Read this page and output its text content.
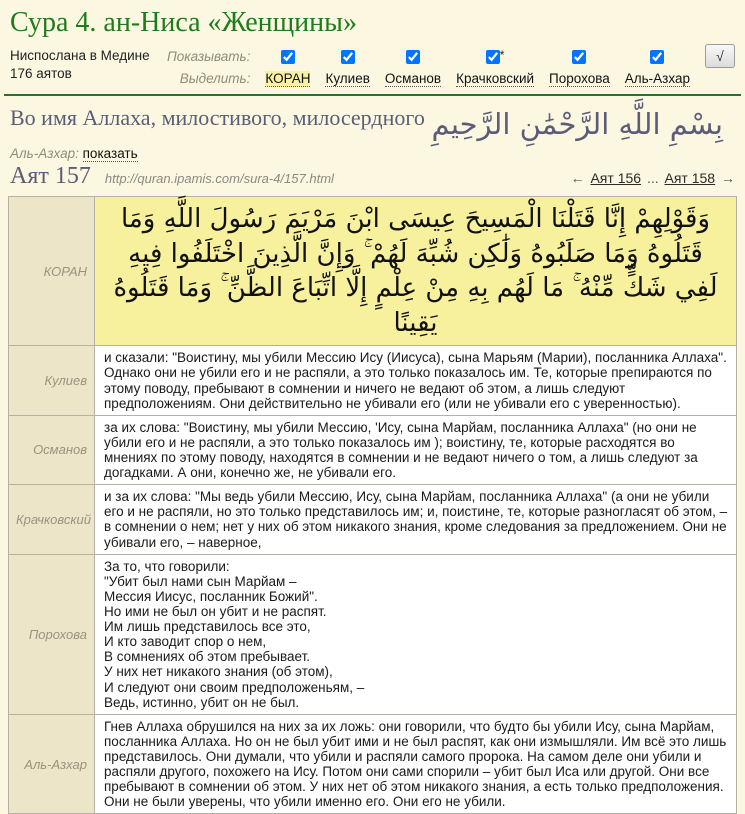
Сура 4. ан-Ниса «Женщины»
Ниспослана в Медине
176 аятов
Показывать:	*	√
Выделить: КОРАН Кулиев Османов Крачковский Порохова Аль-Азхар
Во имя Аллаха, милостивого, милосердного
Аль-Азхар: показать
بِسْمِ اللَّهِ الرَّحْمَٰنِ الرَّحِيمِ
Аят 157 http://quran.ipamis.com/sura-4/157.html	← Аят 156 ... Аят 158 →
КОРАН	وَقَوْلِهِمْ إِنَّا قَتَلْنَا الْمَسِيحَ عِيسَى ابْنَ مَرْيَمَ رَسُولَ اللَّهِ وَمَا قَتَلُوهُ وَمَا صَلَبُوهُ وَلَٰكِن شُبِّهَ لَهُمْ ۚ وَإِنَّ الَّذِينَ اخْتَلَفُوا فِيهِ لَفِي شَكٍّ مِّنْهُ ۚ مَا لَهُم بِهِ مِنْ عِلْمٍ إِلَّا اتِّبَاعَ الظَّنِّ ۚ وَمَا قَتَلُوهُ يَقِينًا
Кулиев	и сказали: "Воистину, мы убили Мессию Ису (Иисуса), сына Марьям (Марии), посланника Аллаха". Однако они не убили его и не распяли, а это только показалось им. Те, которые препираются по этому поводу, пребывают в сомнении и ничего не ведают об этом, а лишь следуют предположениям. Они действительно не убивали его (или не убивали его с уверенностью).
Османов	за их слова: "Воистину, мы убили Мессию, 'Ису, сына Марйам, посланника Аллаха" (но они не убили его и не распяли, а это только показалось им ); воистину, те, которые расходятся во мнениях по этому поводу, находятся в сомнении и не ведают ничего о том, а лишь следуют за догадками. А они, конечно же, не убивали его.
Крачковский	и за их слова: "Мы ведь убили Мессию, Ису, сына Марйам, посланника Аллаха" (а они не убили его и не распяли, но это только представилось им; и, поистине, те, которые разногласят об этом, – в сомнении о нем; нет у них об этом никакого знания, кроме следования за предложением. Они не убивали его, – наверное,
Порохова	За то, что говорили:
"Убит был нами сын Марйам –
Мессия Иисус, посланник Божий".
Но ими не был он убит и не распят.
Им лишь представилось все это,
И кто заводит спор о нем,
В сомнениях об этом пребывает.
У них нет никакого знания (об этом),
И следуют они своим предположеньям, –
Ведь, истинно, убит он не был.
Аль-Азхар	Гнев Аллаха обрушился на них за их ложь: они говорили, что будто бы убили Ису, сына Марйам, посланника Аллаха. Но он не был убит ими и не был распят, как они измышляли. Им всё это лишь представилось. Они думали, что убили и распяли самого пророка. На самом деле они убили и распяли другого, похожего на Ису. Потом они сами спорили – убит был Иса или другой. Они все пребывают в сомнении об этом. У них нет об этом никакого знания, а есть только предположения. Они не были уверены, что убили именно его. Они его не убили.
